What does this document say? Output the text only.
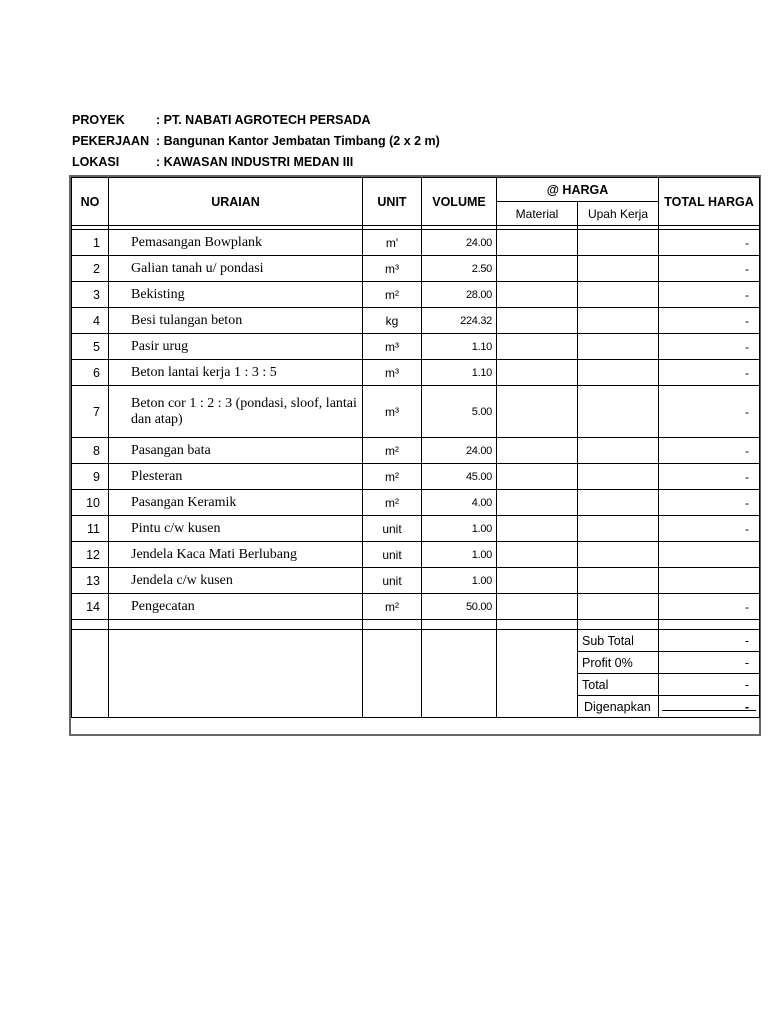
PROYEK : PT. NABATI AGROTECH PERSADA
PEKERJAAN : Bangunan Kantor Jembatan Timbang (2 x 2 m)
LOKASI	: KAWASAN INDUSTRI MEDAN III
NO	URAIAN	UNIT	VOLUME	@ HARGA		TOTAL HARGA
				Material	Upah Kerja	

1	Pemasangan Bowplank	m'	24.00			-
2	Galian tanah u/ pondasi	m³	2.50			-
3	Bekisting	m²	28.00			-
4	Besi tulangan beton	kg	224.32			-
5	Pasir urug	m³	1.10			-
6	Beton lantai kerja 1 : 3 : 5	m³	1.10			-
7	Beton cor 1 : 2 : 3 (pondasi, sloof, lantai dan atap)	m³	5.00			-
8	Pasangan bata	m²	24.00			-
9	Plesteran	m²	45.00			-
10	Pasangan Keramik	m²	4.00			-
11	Pintu c/w kusen	unit	1.00			-
12	Jendela Kaca Mati Berlubang	unit	1.00			
13	Jendela c/w kusen	unit	1.00			
14	Pengecatan	m²	50.00			-

					Sub Total	-
					Profit 0%	-
					Total	-
					Digenapkan	-
